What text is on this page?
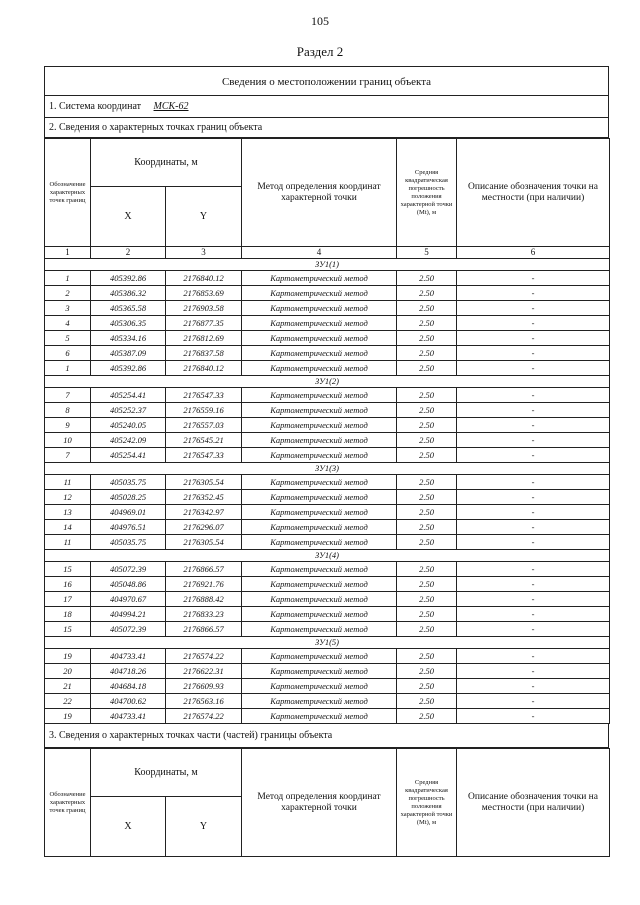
105
Раздел 2
Сведения о местоположении границ объекта
1. Система координат МСК-62
2. Сведения о характерных точках границ объекта
Обозначение характерных точек границ	Координаты, м		Метод определения координат характерной точки	Средняя квадратическая погрешность положения характерной точки (Мt), м	Описание обозначения точки на местности (при наличии)
	X	Y			
1	2	3	4	5	6
ЗУ1(1)					
1	405392.86	2176840.12	Картометрический метод	2.50	-
2	405386.32	2176853.69	Картометрический метод	2.50	-
3	405365.58	2176903.58	Картометрический метод	2.50	-
4	405306.35	2176877.35	Картометрический метод	2.50	-
5	405334.16	2176812.69	Картометрический метод	2.50	-
6	405387.09	2176837.58	Картометрический метод	2.50	-
1	405392.86	2176840.12	Картометрический метод	2.50	-
ЗУ1(2)					
7	405254.41	2176547.33	Картометрический метод	2.50	-
8	405252.37	2176559.16	Картометрический метод	2.50	-
9	405240.05	2176557.03	Картометрический метод	2.50	-
10	405242.09	2176545.21	Картометрический метод	2.50	-
7	405254.41	2176547.33	Картометрический метод	2.50	-
ЗУ1(3)					
11	405035.75	2176305.54	Картометрический метод	2.50	-
12	405028.25	2176352.45	Картометрический метод	2.50	-
13	404969.01	2176342.97	Картометрический метод	2.50	-
14	404976.51	2176296.07	Картометрический метод	2.50	-
11	405035.75	2176305.54	Картометрический метод	2.50	-
ЗУ1(4)					
15	405072.39	2176866.57	Картометрический метод	2.50	-
16	405048.86	2176921.76	Картометрический метод	2.50	-
17	404970.67	2176888.42	Картометрический метод	2.50	-
18	404994.21	2176833.23	Картометрический метод	2.50	-
15	405072.39	2176866.57	Картометрический метод	2.50	-
ЗУ1(5)					
19	404733.41	2176574.22	Картометрический метод	2.50	-
20	404718.26	2176622.31	Картометрический метод	2.50	-
21	404684.18	2176609.93	Картометрический метод	2.50	-
22	404700.62	2176563.16	Картометрический метод	2.50	-
19	404733.41	2176574.22	Картометрический метод	2.50	-
3. Сведения о характерных точках части (частей) границы объекта
Обозначение характерных точек границ	Координаты, м		Метод определения координат характерной точки	Средняя квадратическая погрешность положения характерной точки (Мt), м	Описание обозначения точки на местности (при наличии)
	X	Y			
